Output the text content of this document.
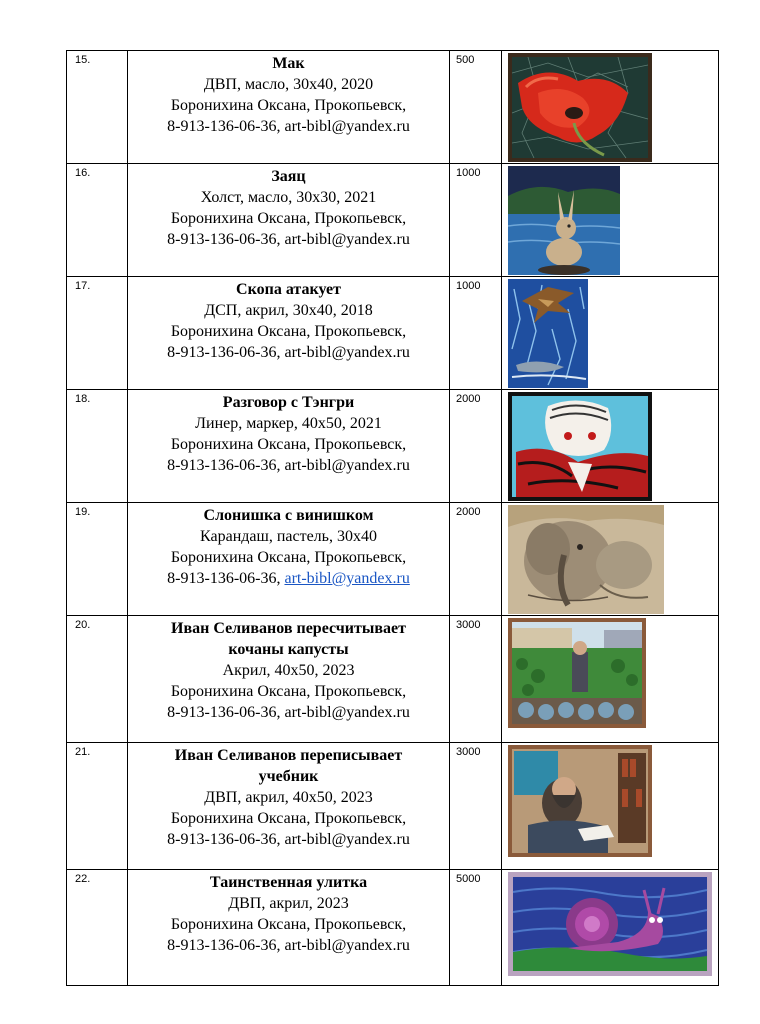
15.	Мак
ДВП, масло, 30x40, 2020
Боронихина Оксана, Прокопьевск,
8-913-136-06-36, art-bibl@yandex.ru	500	

16.	Заяц
Холст, масло, 30x30, 2021
Боронихина Оксана, Прокопьевск,
8-913-136-06-36, art-bibl@yandex.ru	1000	

17.	Скопа атакует
ДСП, акрил, 30x40, 2018
Боронихина Оксана, Прокопьевск,
8-913-136-06-36, art-bibl@yandex.ru	1000	

18.	Разговор с Тэнгри
Линер, маркер, 40x50, 2021
Боронихина Оксана, Прокопьевск,
8-913-136-06-36, art-bibl@yandex.ru	2000	

19.	Слонишка с винишком
Карандаш, пастель, 30x40
Боронихина Оксана, Прокопьевск,
8-913-136-06-36, art-bibl@yandex.ru	2000	

20.	Иван Селиванов пересчитывает
кочаны капусты
Акрил, 40x50, 2023
Боронихина Оксана, Прокопьевск,
8-913-136-06-36, art-bibl@yandex.ru	3000	

21.	Иван Селиванов переписывает
учебник
ДВП, акрил, 40x50, 2023
Боронихина Оксана, Прокопьевск,
8-913-136-06-36, art-bibl@yandex.ru	3000	

22.	Таинственная улитка
ДВП, акрил, 2023
Боронихина Оксана, Прокопьевск,
8-913-136-06-36, art-bibl@yandex.ru	5000	
